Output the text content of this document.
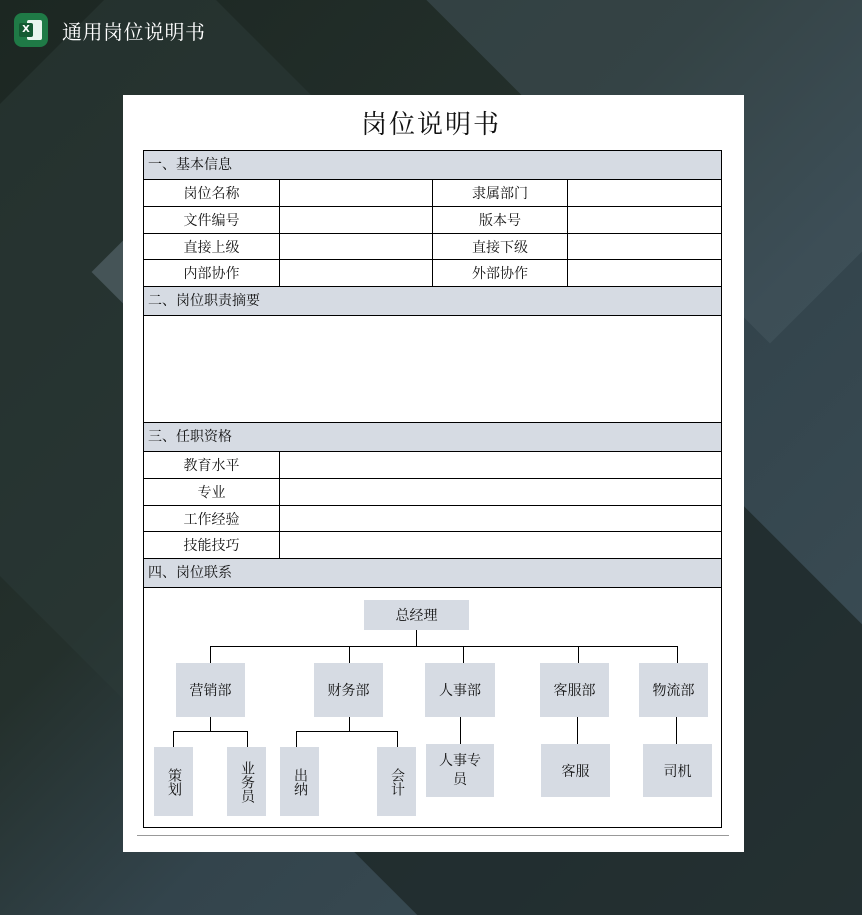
X 通用岗位说明书
岗位说明书
一、基本信息
岗位名称	隶属部门
文件编号	版本号
直接上级	直接下级
内部协作	外部协作
二、岗位职责摘要
三、任职资格
教育水平
专业
工作经验
技能技巧
四、岗位联系
总经理
营销部	财务部	人事部	客服部	物流部
策划	业务员	出纳	会计
人事专员	客服	司机
